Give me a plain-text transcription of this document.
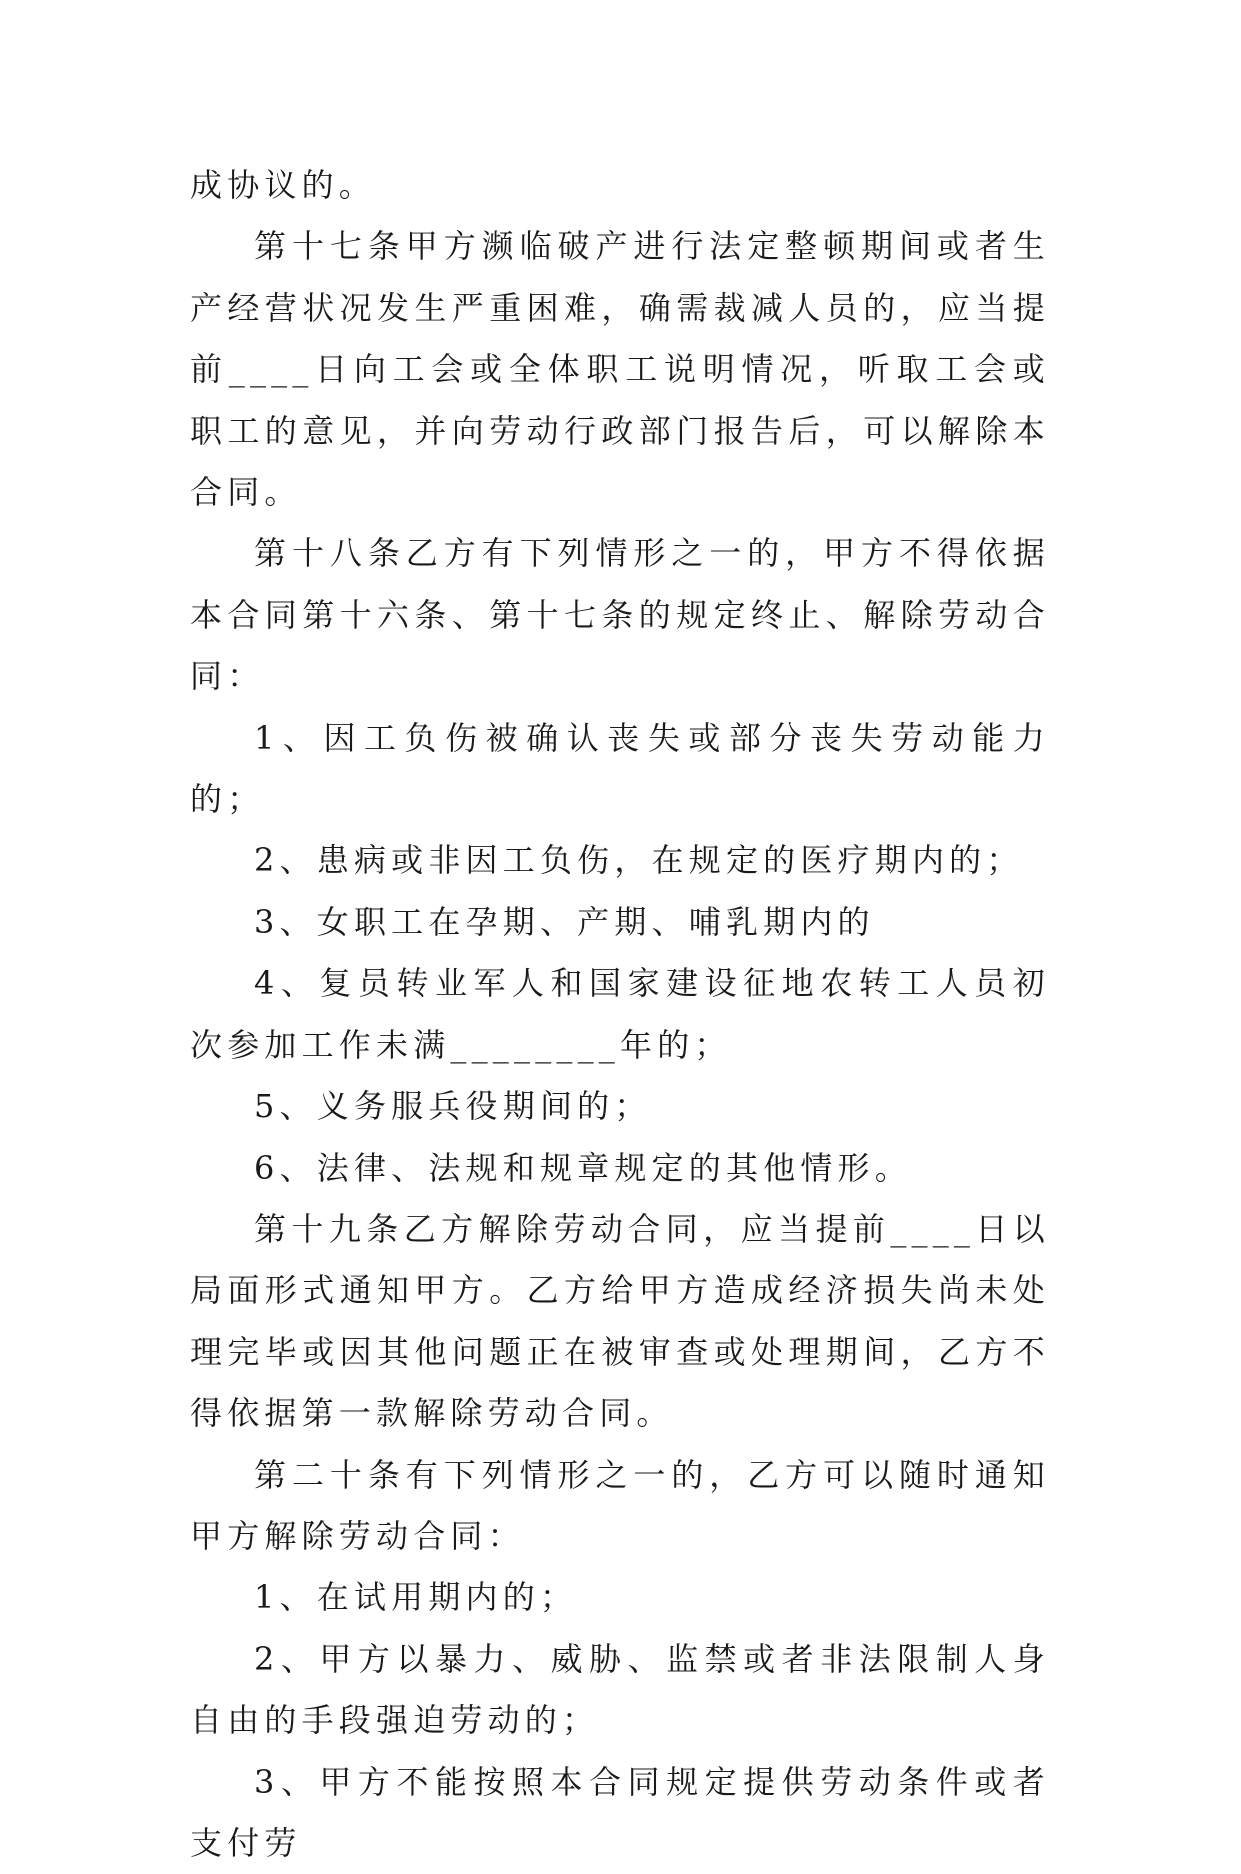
成协议的。

第十七条甲方濒临破产进行法定整顿期间或者生产经营状况发生严重困难，确需裁减人员的，应当提前____日向工会或全体职工说明情况，听取工会或职工的意见，并向劳动行政部门报告后，可以解除本合同。

第十八条乙方有下列情形之一的，甲方不得依据本合同第十六条、第十七条的规定终止、解除劳动合同：

1、因工负伤被确认丧失或部分丧失劳动能力的；

2、患病或非因工负伤，在规定的医疗期内的；

3、女职工在孕期、产期、哺乳期内的

4、复员转业军人和国家建设征地农转工人员初次参加工作未满________年的；

5、义务服兵役期间的；

6、法律、法规和规章规定的其他情形。

第十九条乙方解除劳动合同，应当提前____日以局面形式通知甲方。乙方给甲方造成经济损失尚未处理完毕或因其他问题正在被审查或处理期间，乙方不得依据第一款解除劳动合同。

第二十条有下列情形之一的，乙方可以随时通知甲方解除劳动合同：

1、在试用期内的；

2、甲方以暴力、威胁、监禁或者非法限制人身自由的手段强迫劳动的；

3、甲方不能按照本合同规定提供劳动条件或者支付劳
